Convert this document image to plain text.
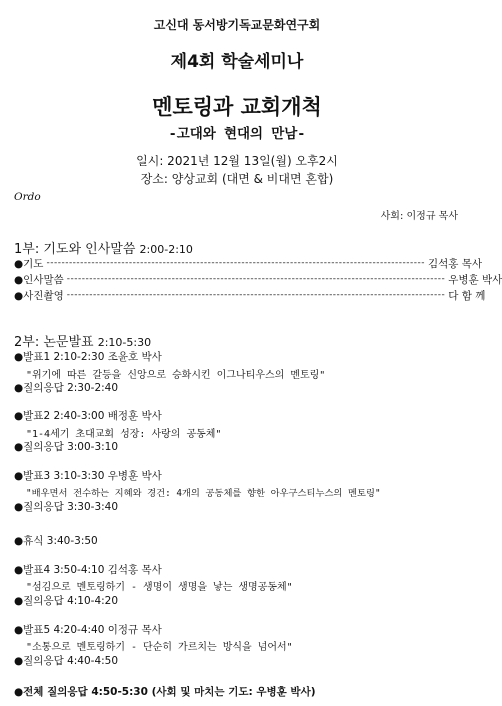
고신대 동서방기독교문화연구회
제4회 학술세미나
멘토링과 교회개척
-고대와 현대의 만남-
일시: 2021년 12월 13일(월) 오후2시
장소: 양상교회 (대면 & 비대면 혼합)
Ordo
사회: 이정규 목사
1부: 기도와 인사말씀 2:00-2:10
●기도 ----------------------------------------------------------------------------------------------------- 김석홍 목사
●인사말씀 ----------------------------------------------------------------------------------------------------- 우병훈 박사
●사진촬영 ----------------------------------------------------------------------------------------------------- 다 함 께
2부: 논문발표 2:10-5:30
●발표1 2:10-2:30 조윤호 박사
"위기에 따른 갈등을 신앙으로 승화시킨 이그나티우스의 멘토링"
●질의응답 2:30-2:40
●발표2 2:40-3:00 배정훈 박사
"1-4세기 초대교회 성장: 사랑의 공동체"
●질의응답 3:00-3:10
●발표3 3:10-3:30 우병훈 박사
"배우면서 전수하는 지혜와 경건: 4개의 공동체를 향한 아우구스티누스의 멘토링"
●질의응답 3:30-3:40
●휴식 3:40-3:50
●발표4 3:50-4:10 김석홍 목사
"섬김으로 멘토링하기 - 생명이 생명을 낳는 생명공동체"
●질의응답 4:10-4:20
●발표5 4:20-4:40 이정규 목사
"소통으로 멘토링하기 - 단순히 가르치는 방식을 넘어서"
●질의응답 4:40-4:50
●전체 질의응답 4:50-5:30 (사회 및 마치는 기도: 우병훈 박사)
